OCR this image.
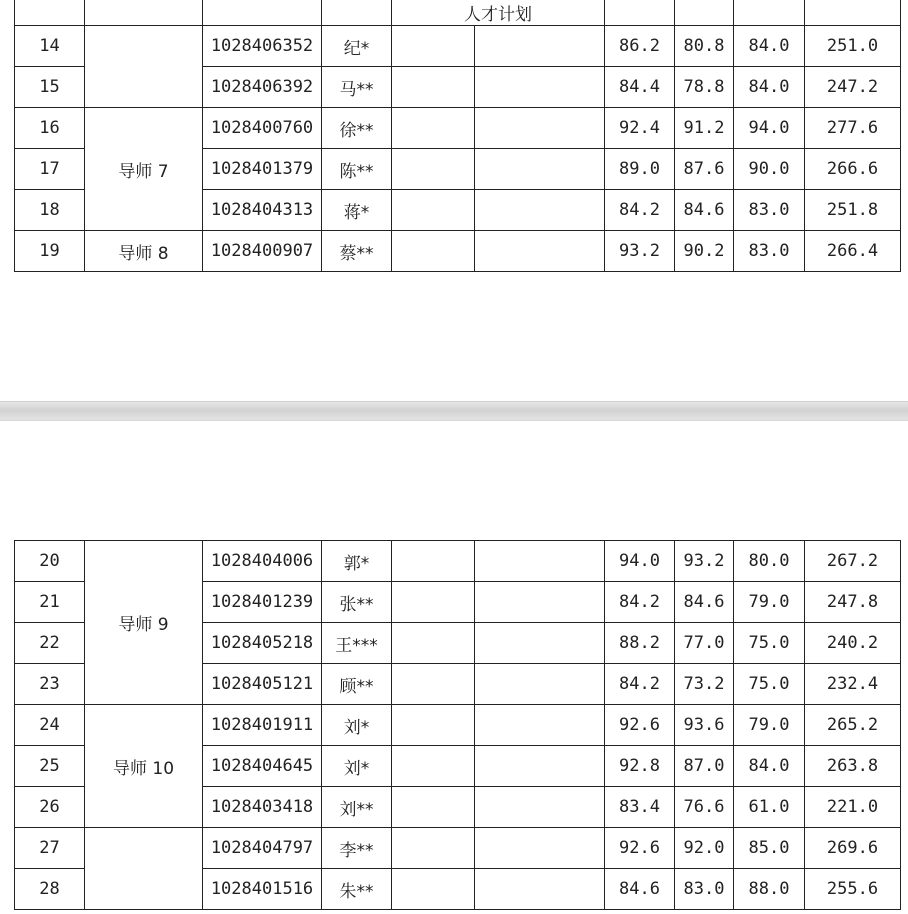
				人才计划					
14		1028406352	纪*			86.2	80.8	84.0	251.0
15		1028406392	马**			84.4	78.8	84.0	247.2
16	导师 7	1028400760	徐**			92.4	91.2	94.0	277.6
17		1028401379	陈**			89.0	87.6	90.0	266.6
18		1028404313	蒋*			84.2	84.6	83.0	251.8
19	导师 8	1028400907	蔡**			93.2	90.2	83.0	266.4
20	导师 9	1028404006	郭*			94.0	93.2	80.0	267.2
21		1028401239	张**			84.2	84.6	79.0	247.8
22		1028405218	王***			88.2	77.0	75.0	240.2
23		1028405121	顾**			84.2	73.2	75.0	232.4
24	导师 10	1028401911	刘*			92.6	93.6	79.0	265.2
25		1028404645	刘*			92.8	87.0	84.0	263.8
26		1028403418	刘**			83.4	76.6	61.0	221.0
27		1028404797	李**			92.6	92.0	85.0	269.6
28		1028401516	朱**			84.6	83.0	88.0	255.6
